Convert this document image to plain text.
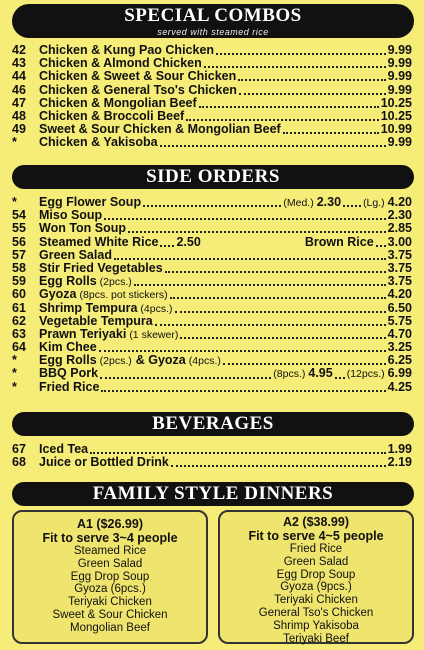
SPECIAL COMBOS
served with steamed rice
42	Chicken & Kung Pao Chicken	9.99
43	Chicken & Almond Chicken	9.99
44	Chicken & Sweet & Sour Chicken	9.99
46	Chicken & General Tso's Chicken	9.99
47	Chicken & Mongolian Beef	10.25
48	Chicken & Broccoli Beef	10.25
49	Sweet & Sour Chicken & Mongolian Beef	10.99
*	Chicken & Yakisoba	9.99
SIDE ORDERS
*	Egg Flower Soup	(Med.) 2.30 (Lg.) 4.20
54	Miso Soup	2.30
55	Won Ton Soup	2.85
56	Steamed White Rice 2.50	Brown Rice 3.00
57	Green Salad	3.75
58	Stir Fried Vegetables	3.75
59	Egg Rolls (2pcs.)	3.75
60	Gyoza (8pcs. pot stickers)	4.20
61	Shrimp Tempura (4pcs.)	6.50
62	Vegetable Tempura	5.75
63	Prawn Teriyaki (1 skewer)	4.70
64	Kim Chee	3.25
*	Egg Rolls (2pcs.) & Gyoza (4pcs.)	6.25
*	BBQ Pork	(8pcs.) 4.95 (12pcs.) 6.99
*	Fried Rice	4.25
BEVERAGES
67	Iced Tea	1.99
68	Juice or Bottled Drink	2.19
FAMILY STYLE DINNERS
A1 ($26.99)
Fit to serve 3~4 people
Steamed Rice
Green Salad
Egg Drop Soup
Gyoza (6pcs.)
Teriyaki Chicken
Sweet & Sour Chicken
Mongolian Beef
A2 ($38.99)
Fit to serve 4~5 people
Fried Rice
Green Salad
Egg Drop Soup
Gyoza (9pcs.)
Teriyaki Chicken
General Tso's Chicken
Shrimp Yakisoba
Teriyaki Beef
